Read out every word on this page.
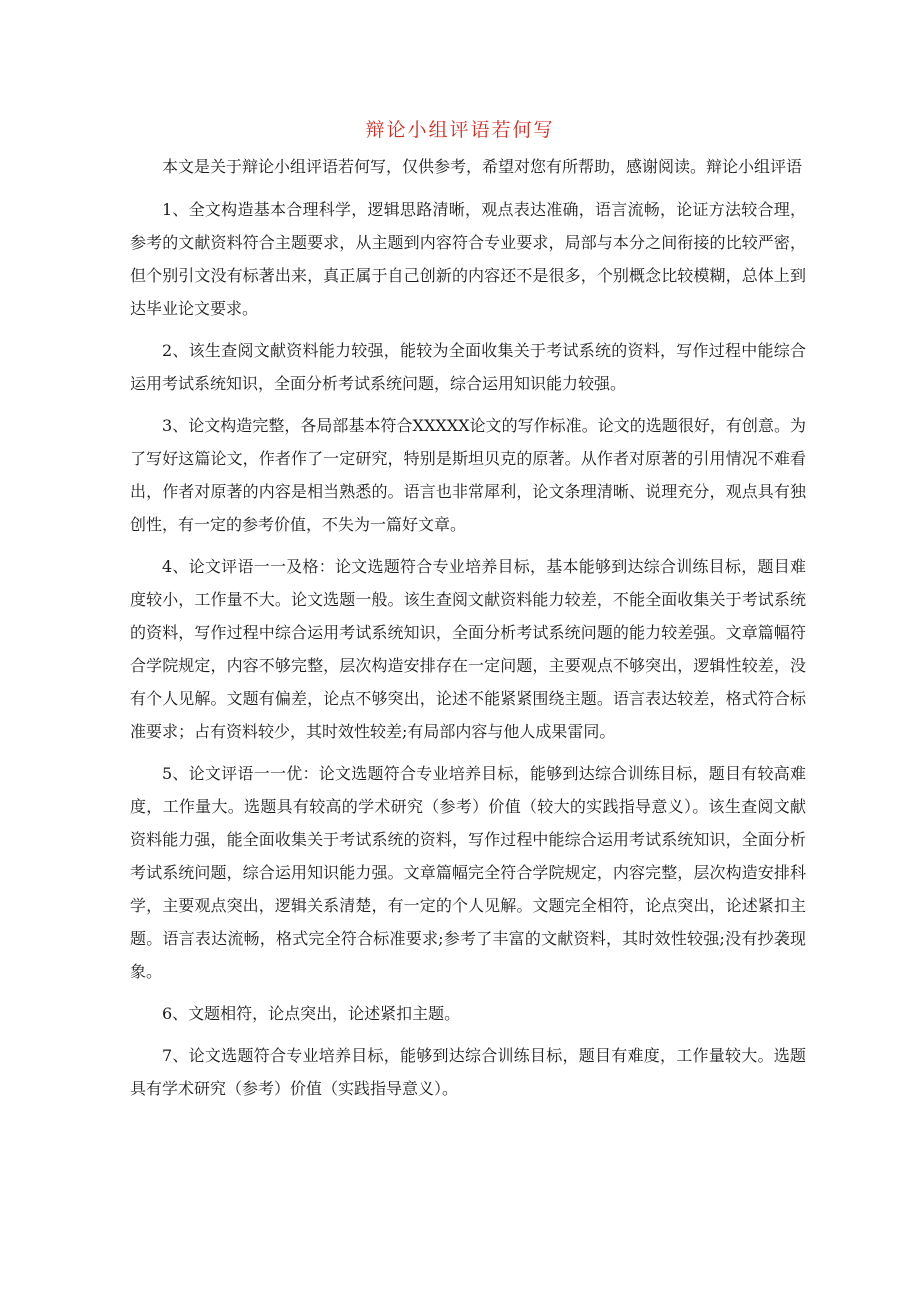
辩论小组评语若何写

本文是关于辩论小组评语若何写，仅供参考，希望对您有所帮助，感谢阅读。辩论小组评语

1、全文构造基本合理科学，逻辑思路清晰，观点表达准确，语言流畅，论证方法较合理，参考的文献资料符合主题要求，从主题到内容符合专业要求，局部与本分之间衔接的比较严密，但个别引文没有标著出来，真正属于自己创新的内容还不是很多，个别概念比较模糊，总体上到达毕业论文要求。

2、该生查阅文献资料能力较强，能较为全面收集关于考试系统的资料，写作过程中能综合运用考试系统知识，全面分析考试系统问题，综合运用知识能力较强。

3、论文构造完整，各局部基本符合XXXXX论文的写作标准。论文的选题很好，有创意。为了写好这篇论文，作者作了一定研究，特别是斯坦贝克的原著。从作者对原著的引用情况不难看出，作者对原著的内容是相当熟悉的。语言也非常犀利，论文条理清晰、说理充分，观点具有独创性，有一定的参考价值，不失为一篇好文章。

4、论文评语一一及格：论文选题符合专业培养目标，基本能够到达综合训练目标，题目难度较小，工作量不大。论文选题一般。该生查阅文献资料能力较差，不能全面收集关于考试系统的资料，写作过程中综合运用考试系统知识，全面分析考试系统问题的能力较差强。文章篇幅符合学院规定，内容不够完整，层次构造安排存在一定问题，主要观点不够突出，逻辑性较差，没有个人见解。文题有偏差，论点不够突出，论述不能紧紧围绕主题。语言表达较差，格式符合标准要求；占有资料较少，其时效性较差;有局部内容与他人成果雷同。

5、论文评语一一优：论文选题符合专业培养目标，能够到达综合训练目标，题目有较高难度，工作量大。选题具有较高的学术研究（参考）价值（较大的实践指导意义）。该生查阅文献资料能力强，能全面收集关于考试系统的资料，写作过程中能综合运用考试系统知识，全面分析考试系统问题，综合运用知识能力强。文章篇幅完全符合学院规定，内容完整，层次构造安排科学，主要观点突出，逻辑关系清楚，有一定的个人见解。文题完全相符，论点突出，论述紧扣主题。语言表达流畅，格式完全符合标准要求;参考了丰富的文献资料，其时效性较强;没有抄袭现象。

6、文题相符，论点突出，论述紧扣主题。

7、论文选题符合专业培养目标，能够到达综合训练目标，题目有难度，工作量较大。选题具有学术研究（参考）价值（实践指导意义）。
